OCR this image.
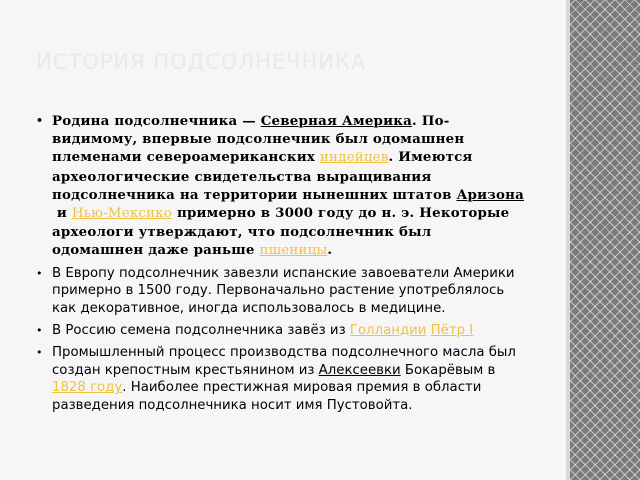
ИСТОРИЯ ПОДСОЛНЕЧНИКА
• Родина подсолнечника — Северная Америка. По-видимому, впервые подсолнечник был одомашнен племенами североамериканских индейцев. Имеются археологические свидетельства выращивания подсолнечника на территории нынешних штатов Аризона и Нью-Мексико примерно в 3000 году до н. э. Некоторые археологи утверждают, что подсолнечник был одомашнен даже раньше пшеницы.
• В Европу подсолнечник завезли испанские завоеватели Америки примерно в 1500 году. Первоначально растение употреблялось как декоративное, иногда использовалось в медицине.
• В Россию семена подсолнечника завёз из Голландии Пётр I
• Промышленный процесс производства подсолнечного масла был создан крепостным крестьянином из Алексеевки Бокарёвым в 1828 году. Наиболее престижная мировая премия в области разведения подсолнечника носит имя Пустовойта.
